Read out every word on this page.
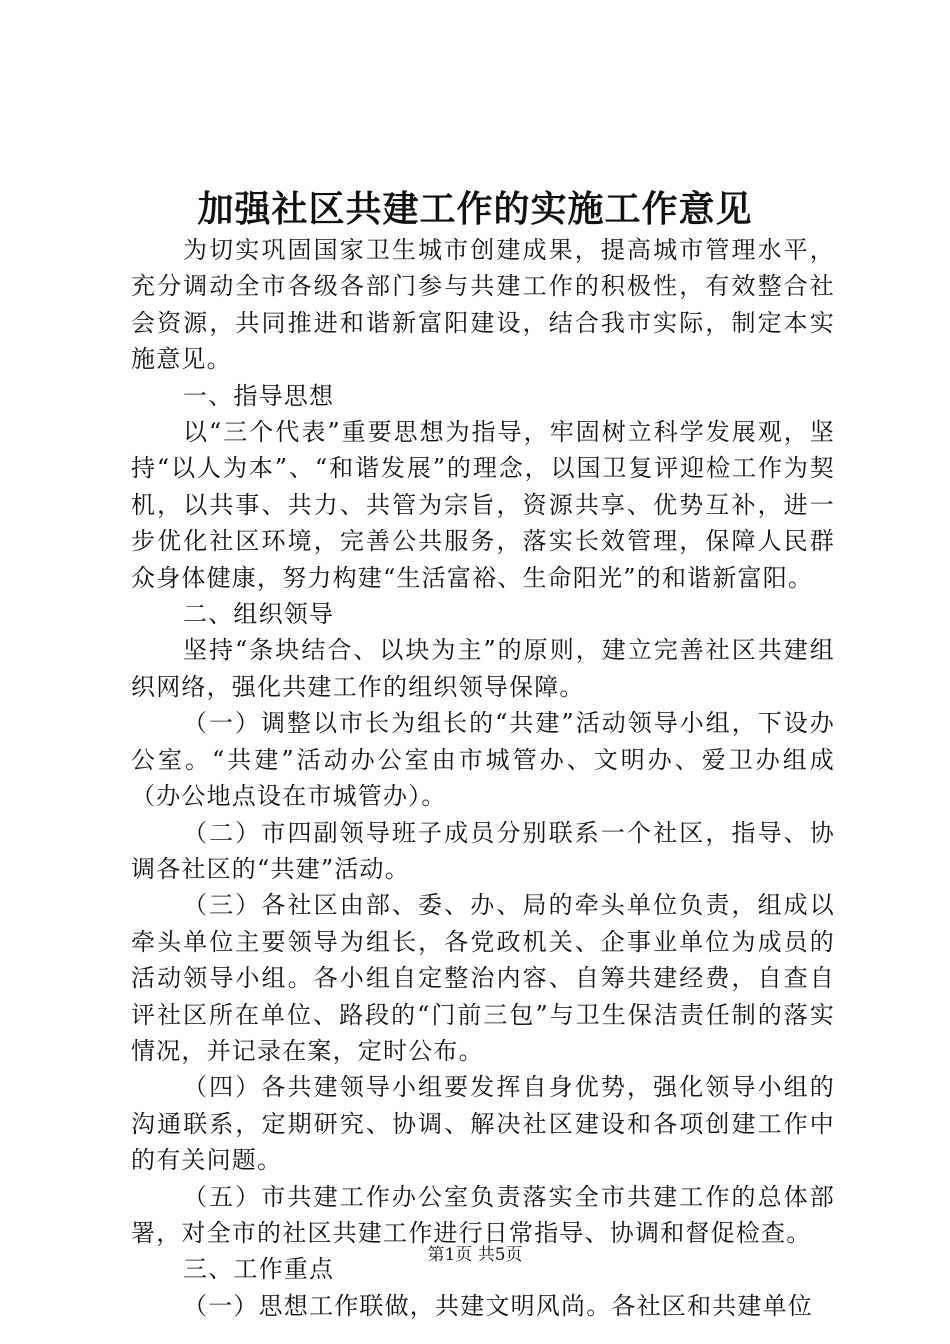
加强社区共建工作的实施工作意见

为切实巩固国家卫生城市创建成果，提高城市管理水平，充分调动全市各级各部门参与共建工作的积极性，有效整合社会资源，共同推进和谐新富阳建设，结合我市实际，制定本实施意见。

一、指导思想

以“三个代表”重要思想为指导，牢固树立科学发展观，坚持“以人为本”、“和谐发展”的理念，以国卫复评迎检工作为契机，以共事、共力、共管为宗旨，资源共享、优势互补，进一步优化社区环境，完善公共服务，落实长效管理，保障人民群众身体健康，努力构建“生活富裕、生命阳光”的和谐新富阳。

二、组织领导

坚持“条块结合、以块为主”的原则，建立完善社区共建组织网络，强化共建工作的组织领导保障。

（一）调整以市长为组长的“共建”活动领导小组，下设办公室。“共建”活动办公室由市城管办、文明办、爱卫办组成（办公地点设在市城管办）。

（二）市四副领导班子成员分别联系一个社区，指导、协调各社区的“共建”活动。

（三）各社区由部、委、办、局的牵头单位负责，组成以牵头单位主要领导为组长，各党政机关、企事业单位为成员的活动领导小组。各小组自定整治内容、自筹共建经费，自查自评社区所在单位、路段的“门前三包”与卫生保洁责任制的落实情况，并记录在案，定时公布。

（四）各共建领导小组要发挥自身优势，强化领导小组的沟通联系，定期研究、协调、解决社区建设和各项创建工作中的有关问题。

（五）市共建工作办公室负责落实全市共建工作的总体部署，对全市的社区共建工作进行日常指导、协调和督促检查。

三、工作重点

（一）思想工作联做，共建文明风尚。各社区和共建单位

第1页 共5页
